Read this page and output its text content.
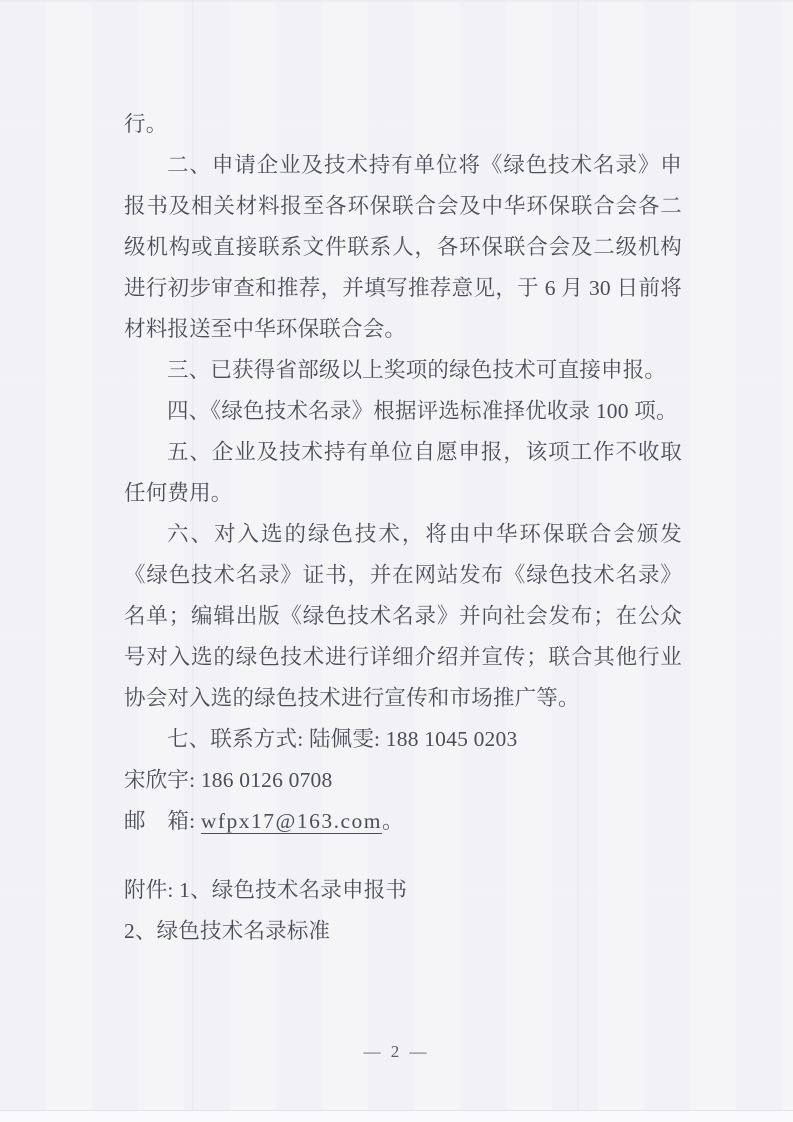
行。

二、申请企业及技术持有单位将《绿色技术名录》申报书及相关材料报至各环保联合会及中华环保联合会各二级机构或直接联系文件联系人，各环保联合会及二级机构进行初步审查和推荐，并填写推荐意见，于 6 月 30 日前将材料报送至中华环保联合会。

三、已获得省部级以上奖项的绿色技术可直接申报。

四、《绿色技术名录》根据评选标准择优收录 100 项。

五、企业及技术持有单位自愿申报，该项工作不收取任何费用。

六、对入选的绿色技术，将由中华环保联合会颁发《绿色技术名录》证书，并在网站发布《绿色技术名录》名单；编辑出版《绿色技术名录》并向社会发布；在公众号对入选的绿色技术进行详细介绍并宣传；联合其他行业协会对入选的绿色技术进行宣传和市场推广等。

七、联系方式: 陆佩雯: 188 1045 0203

宋欣宇: 186 0126 0708

邮　箱: wfpx17@163.com。

附件: 1、绿色技术名录申报书

2、绿色技术名录标准

— 2 —
